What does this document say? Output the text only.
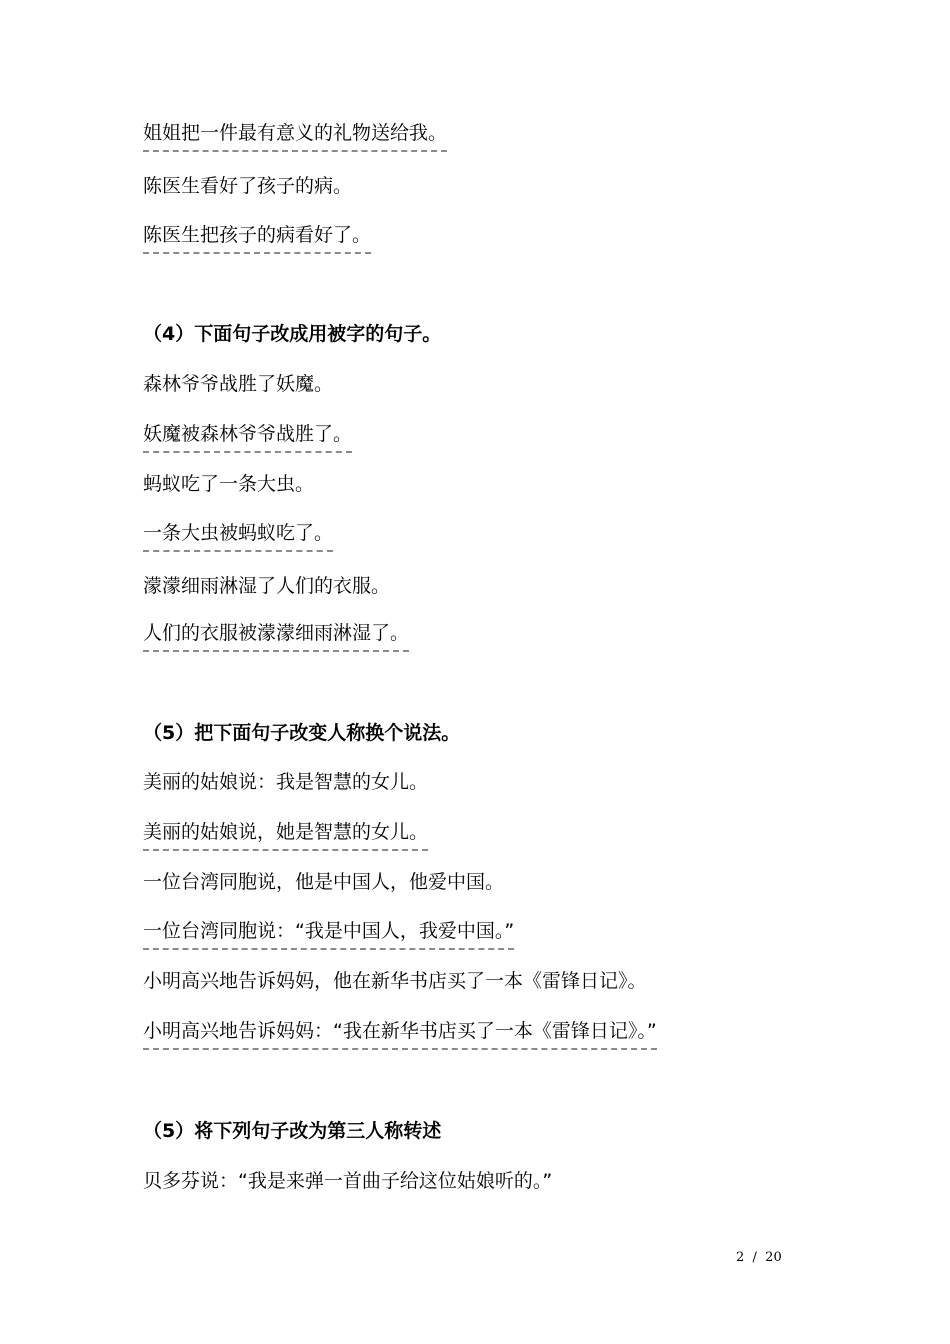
姐姐把一件最有意义的礼物送给我。
陈医生看好了孩子的病。
陈医生把孩子的病看好了。
（4）下面句子改成用被字的句子。
森林爷爷战胜了妖魔。
妖魔被森林爷爷战胜了。
蚂蚁吃了一条大虫。
一条大虫被蚂蚁吃了。
濛濛细雨淋湿了人们的衣服。
人们的衣服被濛濛细雨淋湿了。
（5）把下面句子改变人称换个说法。
美丽的姑娘说：我是智慧的女儿。
美丽的姑娘说，她是智慧的女儿。
一位台湾同胞说，他是中国人，他爱中国。
一位台湾同胞说：“我是中国人，我爱中国。”
小明高兴地告诉妈妈，他在新华书店买了一本《雷锋日记》。
小明高兴地告诉妈妈：“我在新华书店买了一本《雷锋日记》。”
（5）将下列句子改为第三人称转述
贝多芬说：“我是来弹一首曲子给这位姑娘听的。”
2  /  20
